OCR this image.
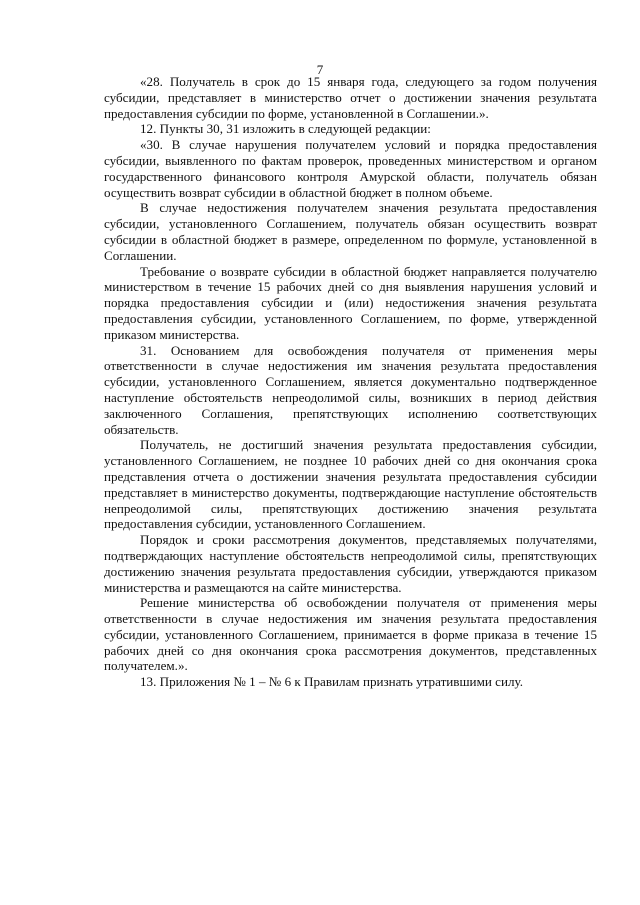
7

«28. Получатель в срок до 15 января года, следующего за годом получения субсидии, представляет в министерство отчет о достижении значения результата предоставления субсидии по форме, установленной в Соглашении.».

12. Пункты 30, 31 изложить в следующей редакции:

«30. В случае нарушения получателем условий и порядка предоставления субсидии, выявленного по фактам проверок, проведенных министерством и органом государственного финансового контроля Амурской области, получатель обязан осуществить возврат субсидии в областной бюджет в полном объеме.

В случае недостижения получателем значения результата предоставления субсидии, установленного Соглашением, получатель обязан осуществить возврат субсидии в областной бюджет в размере, определенном по формуле, установленной в Соглашении.

Требование о возврате субсидии в областной бюджет направляется получателю министерством в течение 15 рабочих дней со дня выявления нарушения условий и порядка предоставления субсидии и (или) недостижения значения результата предоставления субсидии, установленного Соглашением, по форме, утвержденной приказом министерства.

31. Основанием для освобождения получателя от применения меры ответственности в случае недостижения им значения результата предоставления субсидии, установленного Соглашением, является документально подтвержденное наступление обстоятельств непреодолимой силы, возникших в период действия заключенного Соглашения, препятствующих исполнению соответствующих обязательств.

Получатель, не достигший значения результата предоставления субсидии, установленного Соглашением, не позднее 10 рабочих дней со дня окончания срока представления отчета о достижении значения результата предоставления субсидии представляет в министерство документы, подтверждающие наступление обстоятельств непреодолимой силы, препятствующих достижению значения результата предоставления субсидии, установленного Соглашением.

Порядок и сроки рассмотрения документов, представляемых получателями, подтверждающих наступление обстоятельств непреодолимой силы, препятствующих достижению значения результата предоставления субсидии, утверждаются приказом министерства и размещаются на сайте министерства.

Решение министерства об освобождении получателя от применения меры ответственности в случае недостижения им значения результата предоставления субсидии, установленного Соглашением, принимается в форме приказа в течение 15 рабочих дней со дня окончания срока рассмотрения документов, представленных получателем.».

13. Приложения № 1 – № 6 к Правилам признать утратившими силу.
